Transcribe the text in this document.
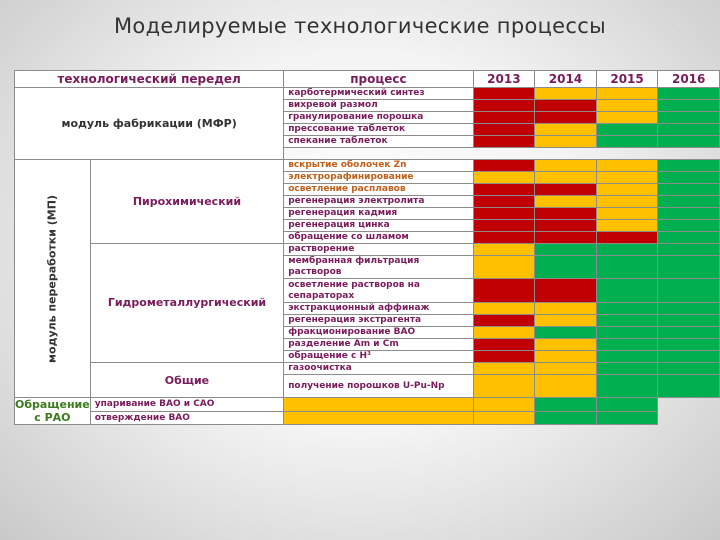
Моделируемые технологические процессы
технологический передел		процесс	2013	2014	2015	2016
модуль фабрикации (МФР)		карботермический синтез				
		вихревой размол				
		гранулирование порошка				
		прессование таблеток				
		спекание таблеток				

модуль переработки (МП)	Пирохимический	вскрытие оболочек Zn				
		электрорафинирование				
		осветление расплавов				
		регенерация электролита				
		регенерация кадмия				
		регенерация цинка				
		обращение со шламом				
	Гидрометаллургический	растворение				
		мембранная фильтрация растворов				
		осветление растворов на сепараторах				
		экстракционный аффинаж				
		регенерация экстрагента				
		фракционирование ВАО				
		разделение Am и Cm				
		обращение с H³				

	Общие	газоочистка				
		получение порошков U-Pu-Np				

Обращение с РАО	упаривание ВАО и САО					
	отверждение ВАО					
